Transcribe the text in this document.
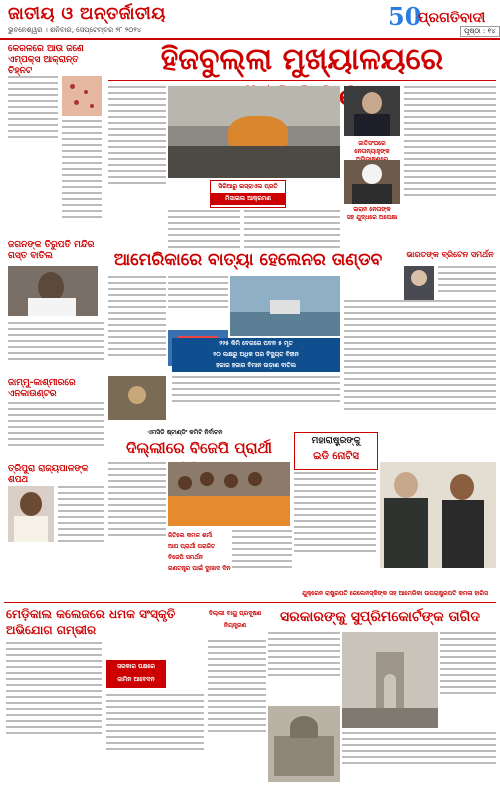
ଜାତୀୟ ଓ ଅନ୍ତର୍ଜାତୀୟ
ଭୁବନେଶ୍ୱର । ଶନିବାର, ସେପ୍ଟେମ୍ବର ୨୮ ୨୦୨୪	50
ପ୍ରଗତିବାଦୀ
ପୃଷ୍ଠା : ୧୪
କେରଳରେ ଆଉ ଜଣେ ଏମ୍‌ପକ୍ସ ଆକ୍ରାନ୍ତ ଚିହ୍ନଟ
ଜଗନଙ୍କ ତିରୁପତି ମନ୍ଦିର ଗସ୍ତ ବାତିଲ
ଜାମ୍ମୁ-କାଶ୍ମୀରରେ ଏନକାଉଣ୍ଟର
ତ୍ରିପୁରା ରାଜ୍ୟପାଳଙ୍କ ଶପଥ
ହିଜବୁଲ୍ଲା ମୁଖ୍ୟାଳୟରେ
ସିରିଆରୁ ଇସ୍ରାଏଲ ପ୍ରତି
ମିସାଇଲ ଆକ୍ରମଣ
ଜାତିସଂଘରେ ନେତାନ୍ୟାହୁଙ୍କ
ଇରାନ ନେତାଙ୍କ
ସହ ଯୁଦ୍ଧରେ ଅପେକ୍ଷା
ଆମେରିକାରେ ବାତ୍ୟା ହେଲେନର ତାଣ୍ଡବ
୨୨୫ କିମି ବେଗରେ ପବନ ୫ ମୃତ
୧୦ ଲକ୍ଷରୁ ଅଧିକ ଘର ବିଦ୍ୟୁତ ବିହୀନ
ହଜାର ହଜାର ବିମାନ ଉଡ଼ାଣ ବାତିଲ
ଭାରତଙ୍କ ବ୍ରିଟେନ ସମର୍ଥନ
ଏମସିଡି ଷ୍ଟାଣ୍ଡିଂ କମିଟି ନିର୍ବାଚନ
ଦିଲ୍ଲୀରେ ବିଜେପି ପ୍ରାର୍ଥୀ
ଜିତିଲେ କମଳ ଶର୍ମା
ଆପ ପ୍ରାର୍ଥୀ ପରାଜିତ
ବିଜେପି ସମର୍ଥନ
ଗଣତନ୍ତ୍ର ପାଇଁ ଦୁଃଖଦ ଦିନ
ମହାରାଷ୍ଟ୍ରଙ୍କୁ
ଇଡି ନୋଟିସ
ଯୁକ୍ରେନ ରାଷ୍ଟ୍ରପତି ଜେଲେନସ୍କିଙ୍କ ସହ ଆମେରିକା ଉପରାଷ୍ଟ୍ରପତି କମଳା ହାରିସ
ମେଡ଼ିକାଲ କଲେଜରେ ଧମକ ସଂସ୍କୃତି ଅଭିଯୋଗ ଗମ୍ଭୀର
ସରକାର ପକ୍ଷରେ
ଜାମିନ ଆବେଦନ
ଦିଲ୍ଲୀ ବାୟୁ ପ୍ରଦୂଷଣ
ନିୟନ୍ତ୍ରଣ
ସରକାରଙ୍କୁ ସୁପ୍ରିମକୋର୍ଟଙ୍କ ତାଗିଦ
